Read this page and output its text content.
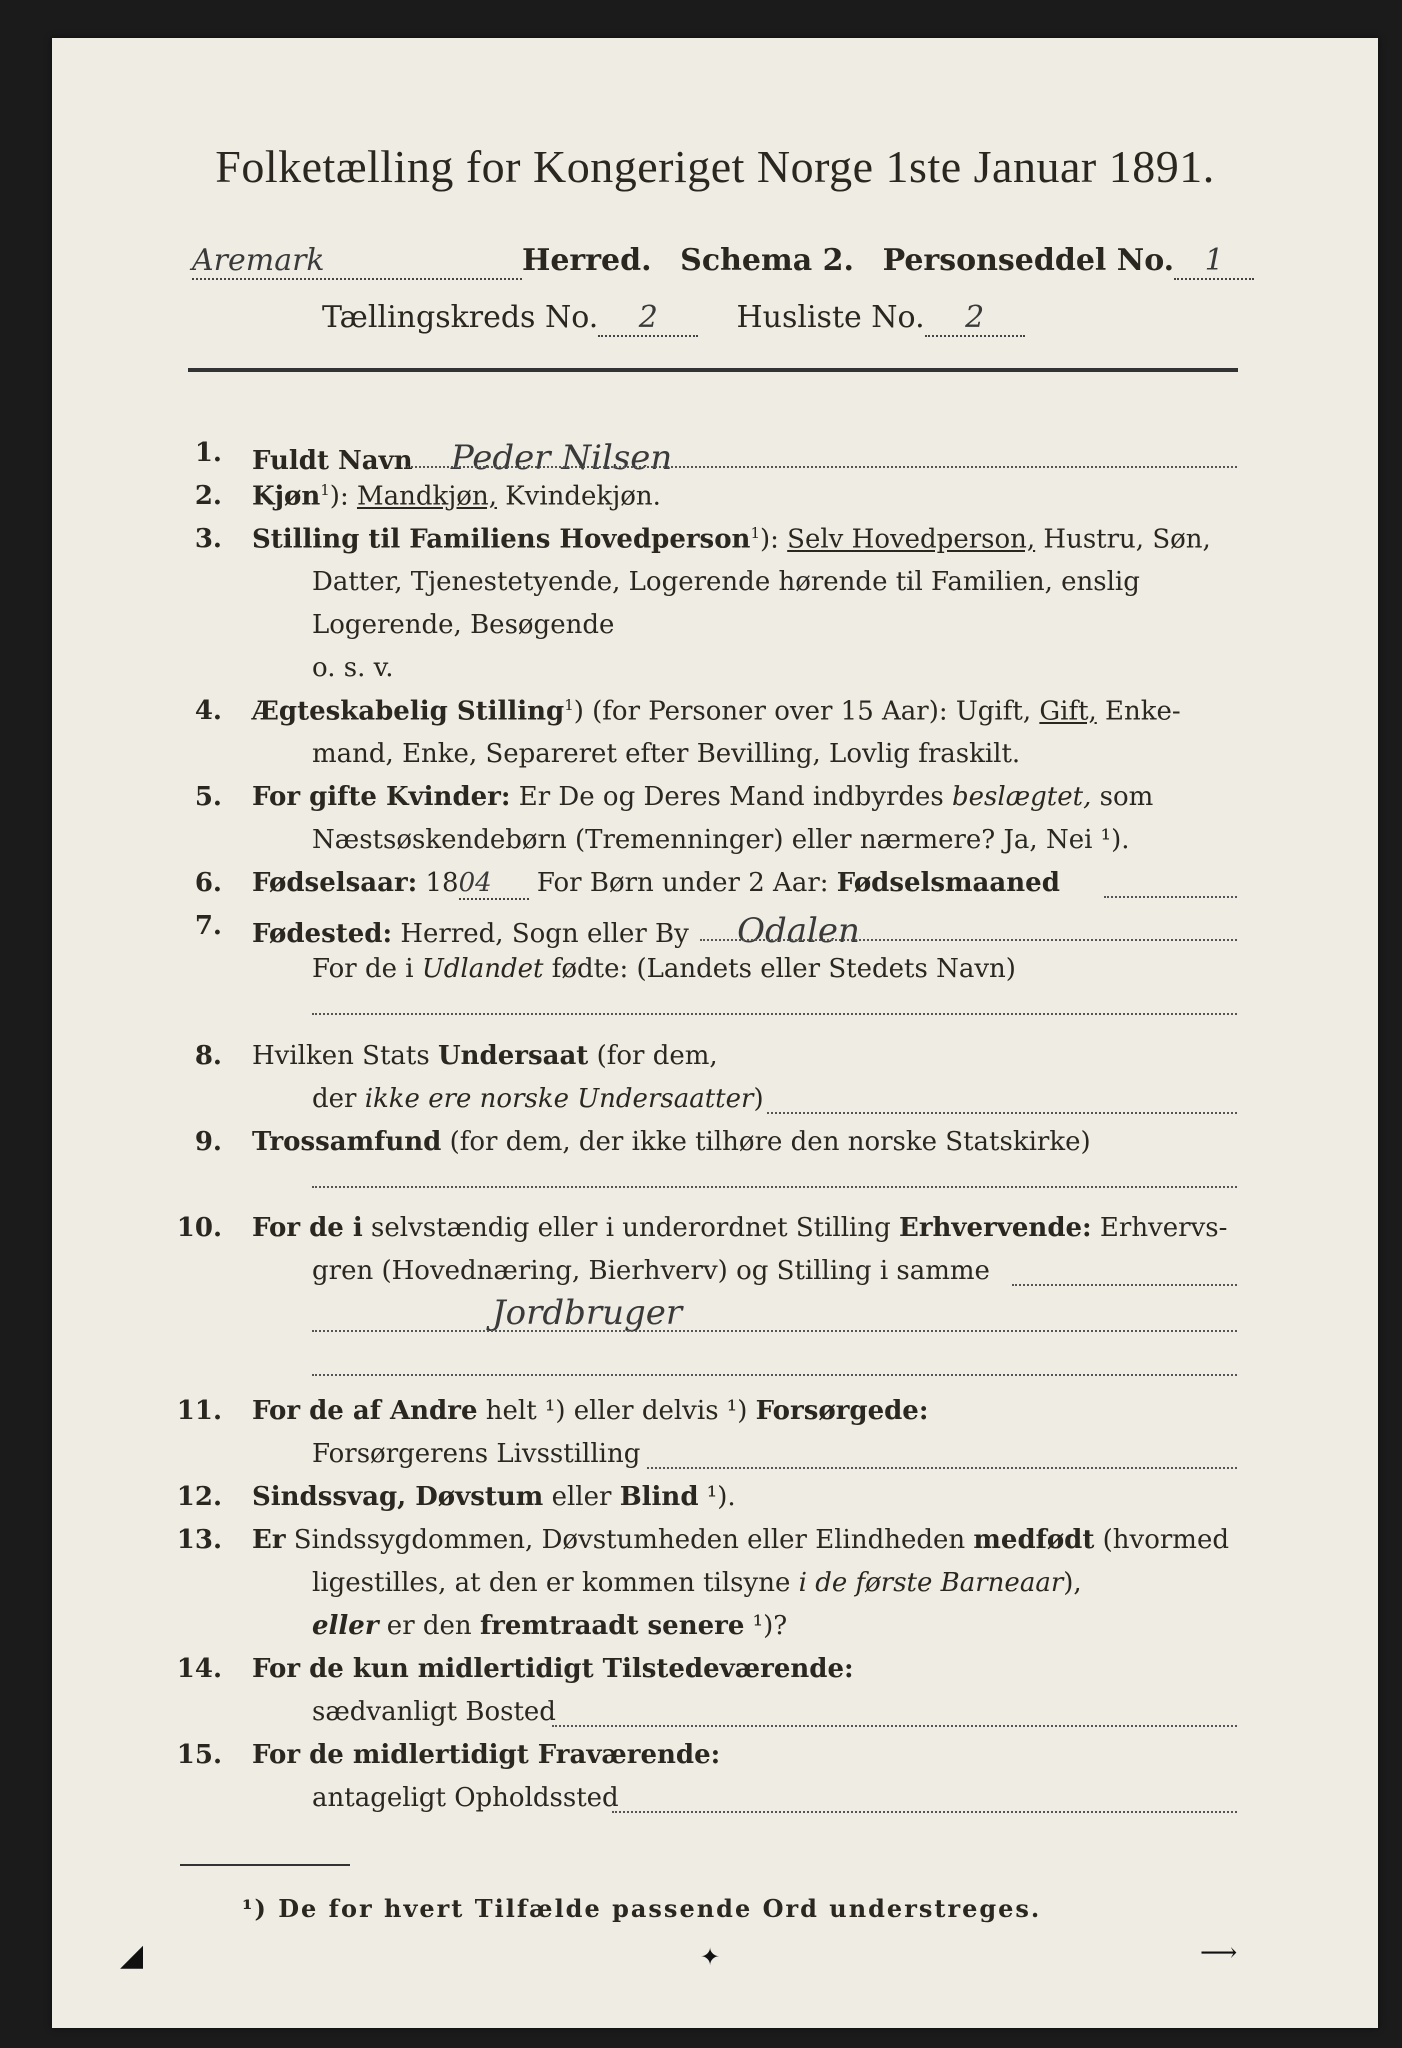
Folketælling for Kongeriget Norge 1ste Januar 1891.
Aremark	Herred. Schema 2. Personseddel No. 1
Tællingskreds No. 2	Husliste No. 2
1. Fuldt Navn Peder Nilsen
2. Kjøn$^1$): Mandkjøn, Kvindekjøn.
3. Stilling til Familiens Hovedperson$^1$): Selv Hovedperson, Hustru, Søn,
Datter, Tjenestetyende, Logerende hørende til Familien, enslig
Logerende, Besøgende
o. s. v.
4. Ægteskabelig Stilling$^1$) (for Personer over 15 Aar): Ugift, Gift, Enke-
mand, Enke, Separeret efter Bevilling, Lovlig fraskilt.
5. For gifte Kvinder: Er De og Deres Mand indbyrdes beslægtet, som
Næstsøskendebørn (Tremenninger) eller nærmere? Ja, Nei ¹).
6. Fødselsaar: 1804 For Børn under 2 Aar: Fødselsmaaned
7. Fødested: Herred, Sogn eller By Odalen
For de i Udlandet fødte: (Landets eller Stedets Navn)
8. Hvilken Stats Undersaat (for dem,
der ikke ere norske Undersaatter)
9. Trossamfund (for dem, der ikke tilhøre den norske Statskirke)
10. For de i selvstændig eller i underordnet Stilling Erhvervende: Erhvervs-
gren (Hovednæring, Bierhverv) og Stilling i samme
Jordbruger
11. For de af Andre helt ¹) eller delvis ¹) Forsørgede:
Forsørgerens Livsstilling
12. Sindssvag, Døvstum eller Blind ¹).
13. Er Sindssygdommen, Døvstumheden eller Elindheden medfødt (hvormed
ligestilles, at den er kommen tilsyne i de første Barneaar),
eller er den fremtraadt senere ¹)?
14. For de kun midlertidigt Tilstedeværende:
sædvanligt Bosted
15. For de midlertidigt Fraværende:
antageligt Opholdssted
¹) De for hvert Tilfælde passende Ord understreges.
◢	✦	⟶
